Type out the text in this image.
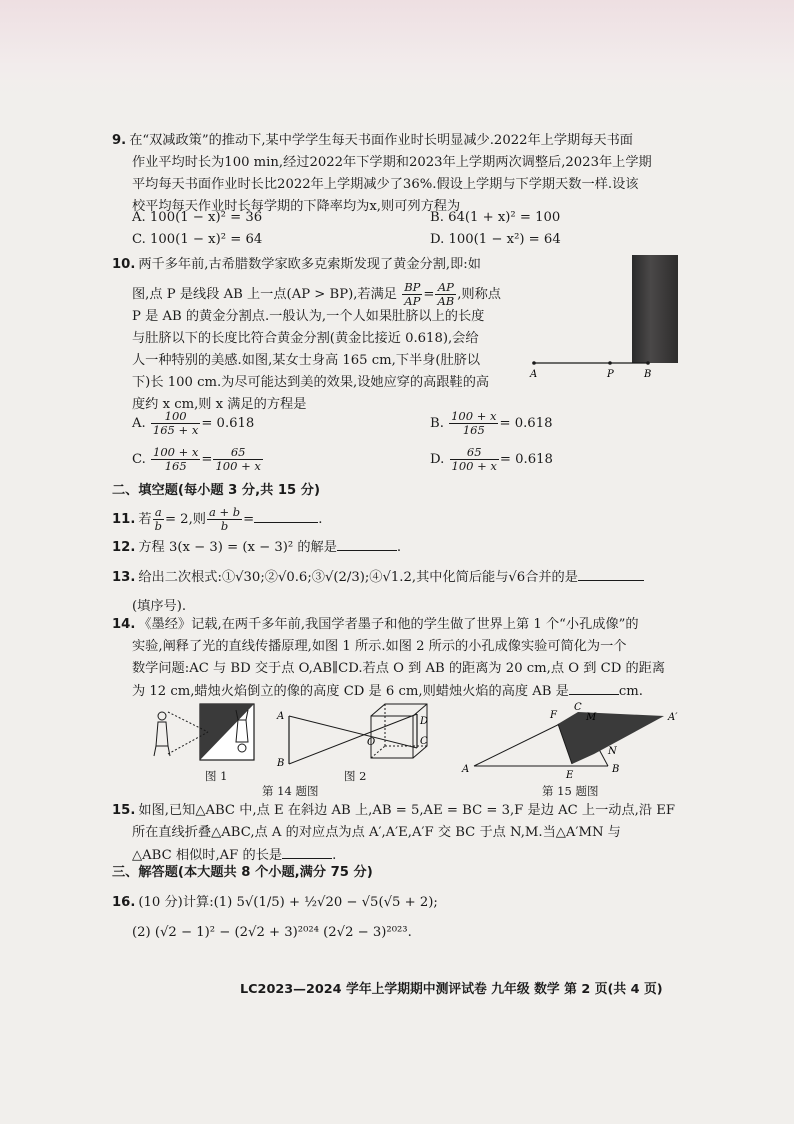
9. 在“双减政策”的推动下,某中学学生每天书面作业时长明显减少.2022年上学期每天书面
作业平均时长为100 min,经过2022年下学期和2023年上学期两次调整后,2023年上学期
平均每天书面作业时长比2022年上学期减少了36%.假设上学期与下学期天数一样.设该
校平均每天作业时长每学期的下降率均为x,则可列方程为
A. 100(1 − x)² = 36	B. 64(1 + x)² = 100
C. 100(1 − x)² = 64	D. 100(1 − x²) = 64
10. 两千多年前,古希腊数学家欧多克索斯发现了黄金分割,即:如
图,点 P 是线段 AB 上一点(AP > BP),若满足 $\frac{BP}{AP} = \frac{AP}{AB}$ ,则称点
P 是 AB 的黄金分割点.一般认为,一个人如果肚脐以上的长度
与肚脐以下的长度比符合黄金分割(黄金比接近 0.618),会给
人一种特别的美感.如图,某女士身高 165 cm,下半身(肚脐以
下)长 100 cm.为尽可能达到美的效果,设她应穿的高跟鞋的高
度约 x cm,则 x 满足的方程是
A	P	B
A. $\frac{100}{165 + x} = 0.618$	B. $\frac{100 + x}{165} = 0.618$
C. $\frac{100 + x}{165} = \frac{65}{100 + x}$	D. $\frac{65}{100 + x} = 0.618$
二、填空题(每小题 3 分,共 15 分)
11. 若 $\frac{a}{b} = 2$,则 $\frac{a + b}{b}$ =	.
12. 方程 3(x − 3) = (x − 3)² 的解是	.
13. 给出二次根式:①√30;②√0.6;③√(2/3);④√1.2,其中化简后能与√6合并的是
(填序号).
14. 《墨经》记载,在两千多年前,我国学者墨子和他的学生做了世界上第 1 个“小孔成像”的
实验,阐释了光的直线传播原理,如图 1 所示.如图 2 所示的小孔成像实验可简化为一个
数学问题:AC 与 BD 交于点 O,AB∥CD.若点 O 到 AB 的距离为 20 cm,点 O 到 CD 的距离
为 12 cm,蜡烛火焰倒立的像的高度 CD 是 6 cm,则蜡烛火焰的高度 AB 是	cm.
图 1
A
B
O
D
C
图 2
第 14 题图
F
C
M	A′
N
A
E
B
第 15 题图
15. 如图,已知△ABC 中,点 E 在斜边 AB 上,AB = 5,AE = BC = 3,F 是边 AC 上一动点,沿 EF
所在直线折叠△ABC,点 A 的对应点为点 A′,A′E,A′F 交 BC 于点 N,M.当△A′MN 与
△ABC 相似时,AF 的长是	.
三、解答题(本大题共 8 个小题,满分 75 分)
16. (10 分)计算:(1) 5√(1/5) + ½√20 − √5(√5 + 2);
(2) (√2 − 1)² − (2√2 + 3)²⁰²⁴ (2√2 − 3)²⁰²³.
LC2023—2024 学年上学期期中测评试卷 九年级 数学 第 2 页(共 4 页)
